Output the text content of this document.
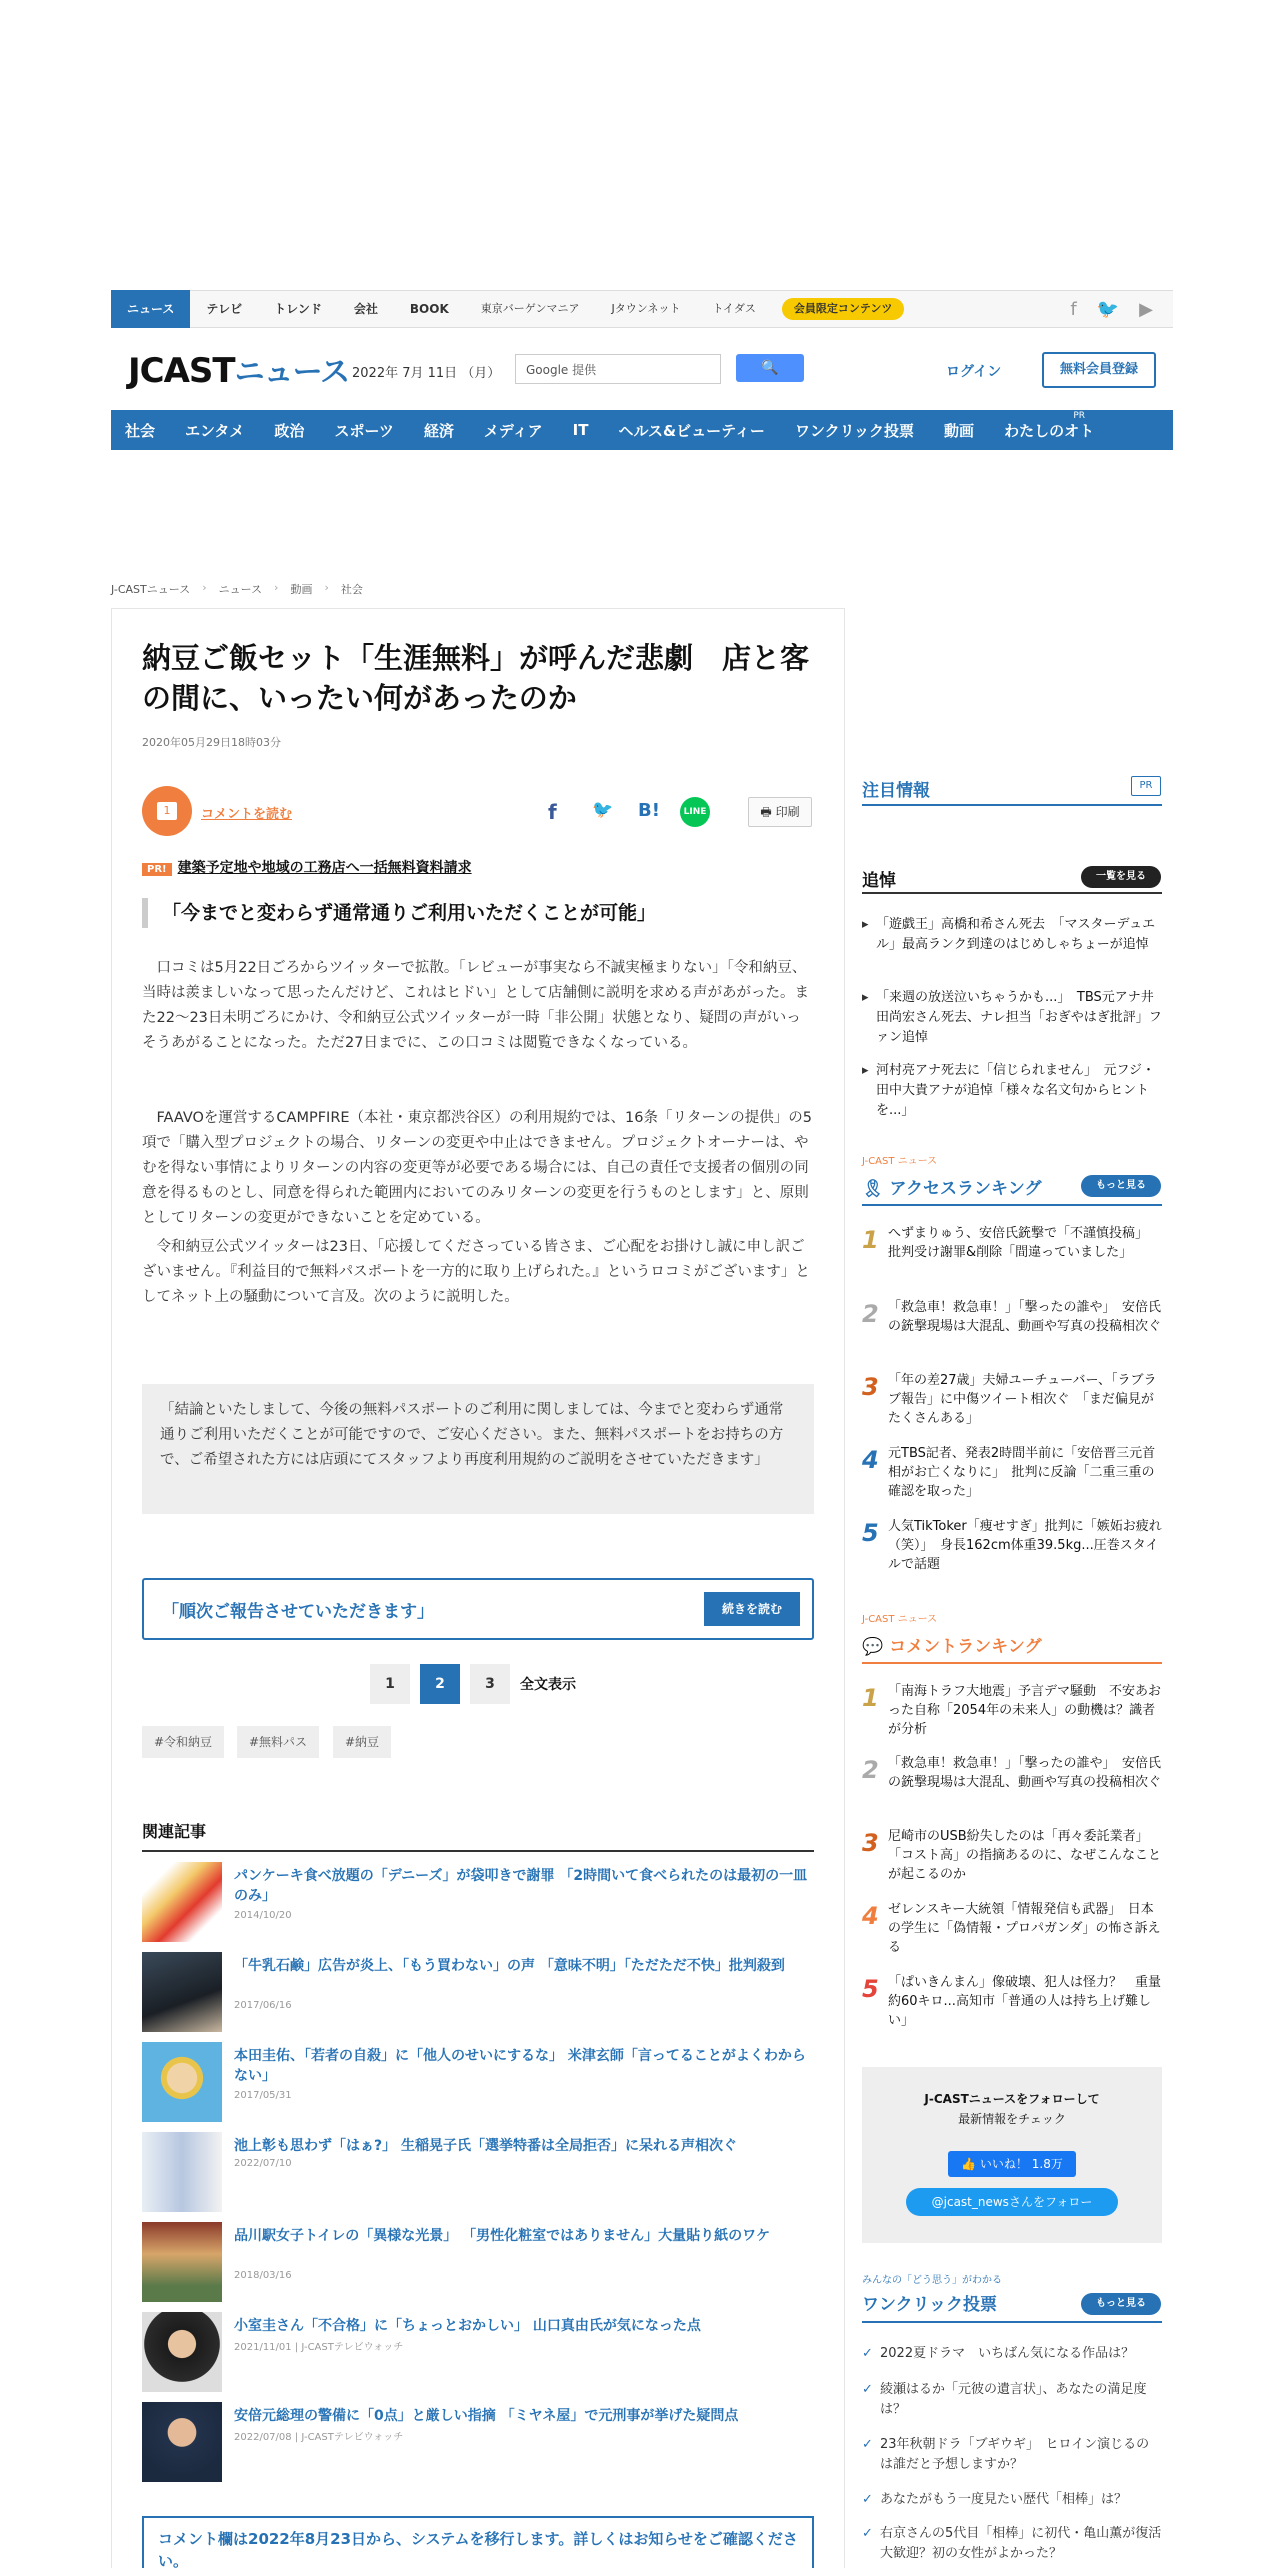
ニュース	テレビ	トレンド	会社	BOOK	東京バーゲンマニア	Jタウンネット	トイダス	会員限定コンテンツ	f 🐦 ▶
JCASTニュース 2022年 7月 11日 （月）	Google 提供	🔍	ログイン	無料会員登録
社会 エンタメ 政治 スポーツ 経済 メディア IT ヘルス&ビューティー ワンクリック投票 動画 わたしのオト
PR
J-CASTニュース › ニュース › 動画 › 社会
納豆ご飯セット「生涯無料」が呼んだ悲劇　店と客の間に、いったい何があったのか
2020年05月29日18時03分
1	コメントを読む	f 🐦 B!	LINE	🖶 印刷
PR! 建築予定地や地域の工務店へ一括無料資料請求
「今までと変わらず通常通りご利用いただくことが可能」

口コミは5月22日ごろからツイッターで拡散。「レビューが事実なら不誠実極まりない」「令和納豆、当時は羨ましいなって思ったんだけど、これはヒドい」として店舗側に説明を求める声があがった。また22～23日未明ごろにかけ、令和納豆公式ツイッターが一時「非公開」状態となり、疑問の声がいっそうあがることになった。ただ27日までに、この口コミは閲覧できなくなっている。

FAAVOを運営するCAMPFIRE（本社・東京都渋谷区）の利用規約では、16条「リターンの提供」の5項で「購入型プロジェクトの場合、リターンの変更や中止はできません。プロジェクトオーナーは、やむを得ない事情によりリターンの内容の変更等が必要である場合には、自己の責任で支援者の個別の同意を得るものとし、同意を得られた範囲内においてのみリターンの変更を行うものとします」と、原則としてリターンの変更ができないことを定めている。

令和納豆公式ツイッターは23日、「応援してくださっている皆さま、ご心配をお掛けし誠に申し訳ございません。『利益目的で無料パスポートを一方的に取り上げられた。』というロコミがございます」としてネット上の騒動について言及。次のように説明した。

「結論といたしまして、今後の無料パスポートのご利用に関しましては、今までと変わらず通常通りご利用いただくことが可能ですので、ご安心ください。また、無料パスポートをお持ちの方で、ご希望された方には店頭にてスタッフより再度利用規約のご説明をさせていただきます」
「順次ご報告させていただきます」	続きを読む
1	2	3	全文表示
#令和納豆	#無料パス	#納豆
関連記事
パンケーキ食べ放題の「デニーズ」が袋叩きで謝罪 「2時間いて食べられたのは最初の一皿のみ」
2014/10/20
「牛乳石鹸」広告が炎上、「もう買わない」の声 「意味不明」「ただただ不快」批判殺到
2017/06/16
本田圭佑、「若者の自殺」に「他人のせいにするな」 米津玄師「言ってることがよくわからない」
2017/05/31
池上彰も思わず「はぁ?」 生稲晃子氏「選挙特番は全局拒否」に呆れる声相次ぐ
2022/07/10
品川駅女子トイレの「異様な光景」 「男性化粧室ではありません」大量貼り紙のワケ
2018/03/16
小室圭さん「不合格」に「ちょっとおかしい」 山口真由氏が気になった点
2021/11/01 | J-CASTテレビウォッチ
安倍元総理の警備に「0点」と厳しい指摘 「ミヤネ屋」で元刑事が挙げた疑問点
2022/07/08 | J-CASTテレビウォッチ
コメント欄は2022年8月23日から、システムを移行します。詳しくはお知らせをご確認ください。
注目情報	PR
追悼	一覧を見る
▸ 「遊戯王」高橋和希さん死去　「マスターデュエル」最高ランク到達のはじめしゃちょーが追悼
▸ 「来週の放送泣いちゃうかも...」　TBS元アナ井田尚宏さん死去、ナレ担当「おぎやはぎ批評」ファン追悼
▸ 河村亮アナ死去に「信じられません」　元フジ・田中大貴アナが追悼「様々な名文句からヒントを...」
J-CAST ニュース
🎗 アクセスランキング	もっと見る
1 へずまりゅう、安倍氏銃撃で「不謹慎投稿」　批判受け謝罪&削除「間違っていました」
2 「救急車！救急車！」「撃ったの誰や」　安倍氏の銃撃現場は大混乱、動画や写真の投稿相次ぐ
3 「年の差27歳」夫婦ユーチューバー、「ラブラブ報告」に中傷ツイート相次ぐ　「まだ偏見がたくさんある」
4 元TBS記者、発表2時間半前に「安倍晋三元首相がお亡くなりに」　批判に反論「二重三重の確認を取った」
5 人気TikToker「痩せすぎ」批判に「嫉妬お疲れ（笑）」　身長162cm体重39.5kg...圧巻スタイルで話題
J-CAST ニュース
💬 コメントランキング
1 「南海トラフ大地震」予言デマ騒動　不安あおった自称「2054年の未来人」の動機は？識者が分析
2 「救急車！救急車！」「撃ったの誰や」　安倍氏の銃撃現場は大混乱、動画や写真の投稿相次ぐ
3 尼崎市のUSB紛失したのは「再々委託業者」　「コスト高」の指摘あるのに、なぜこんなことが起こるのか
4 ゼレンスキー大統領「情報発信も武器」　日本の学生に「偽情報・プロパガンダ」の怖さ訴える
5 「ぱいきんまん」像破壊、犯人は怪力？　重量約60キロ...高知市「普通の人は持ち上げ難しい」
J-CASTニュースをフォローして
最新情報をチェック
👍 いいね！ 1.8万
@jcast_newsさんをフォロー
みんなの「どう思う」がわかる
ワンクリック投票	もっと見る
✓ 2022夏ドラマ　いちばん気になる作品は？
✓ 綾瀬はるか「元彼の遺言状」、あなたの満足度は？
✓ 23年秋朝ドラ「ブギウギ」　ヒロイン演じるのは誰だと予想しますか？
✓ あなたがもう一度見たい歴代「相棒」は？
✓ 右京さんの5代目「相棒」に初代・亀山薫が復活　大歓迎？初の女性がよかった？
